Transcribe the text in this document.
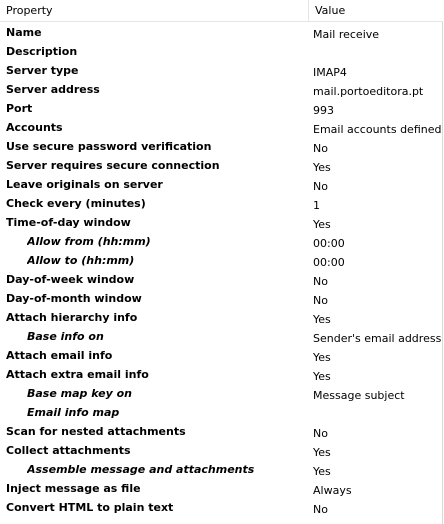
Property	Value
Name	Mail receive
Description
Server type	IMAP4
Server address	mail.portoeditora.pt
Port	993
Accounts	Email accounts defined
Use secure password verification	No
Server requires secure connection	Yes
Leave originals on server	No
Check every (minutes)	1
Time-of-day window	Yes
Allow from (hh:mm)	00:00
Allow to (hh:mm)	00:00
Day-of-week window	No
Day-of-month window	No
Attach hierarchy info	Yes
Base info on	Sender's email address
Attach email info	Yes
Attach extra email info	Yes
Base map key on	Message subject
Email info map
Scan for nested attachments	No
Collect attachments	Yes
Assemble message and attachments	Yes
Inject message as file	Always
Convert HTML to plain text	No
